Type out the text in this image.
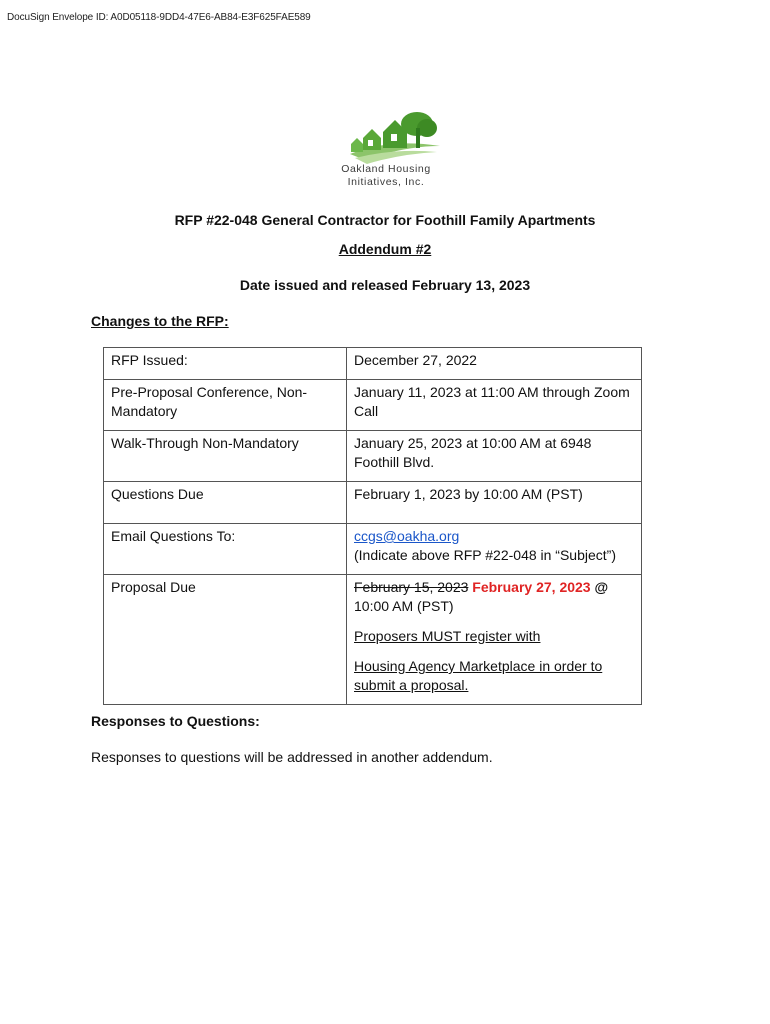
DocuSign Envelope ID: A0D05118-9DD4-47E6-AB84-E3F625FAE589
Oakland Housing
Initiatives, Inc.
RFP #22-048 General Contractor for Foothill Family Apartments
Addendum #2
Date issued and released February 13, 2023
Changes to the RFP:
RFP Issued:	December 27, 2022
Pre-Proposal Conference, Non-Mandatory	January 11, 2023 at 11:00 AM through Zoom Call
Walk-Through Non-Mandatory	January 25, 2023 at 10:00 AM at 6948 Foothill Blvd.
Questions Due	February 1, 2023 by 10:00 AM (PST)
Email Questions To:	ccgs@oakha.org
(Indicate above RFP #22-048 in “Subject”)

Proposal Due	February 15, 2023 February 27, 2023 @
10:00 AM (PST)
Proposers MUST register with
Housing Agency Marketplace in order to submit a proposal.
Responses to Questions:
Responses to questions will be addressed in another addendum.
